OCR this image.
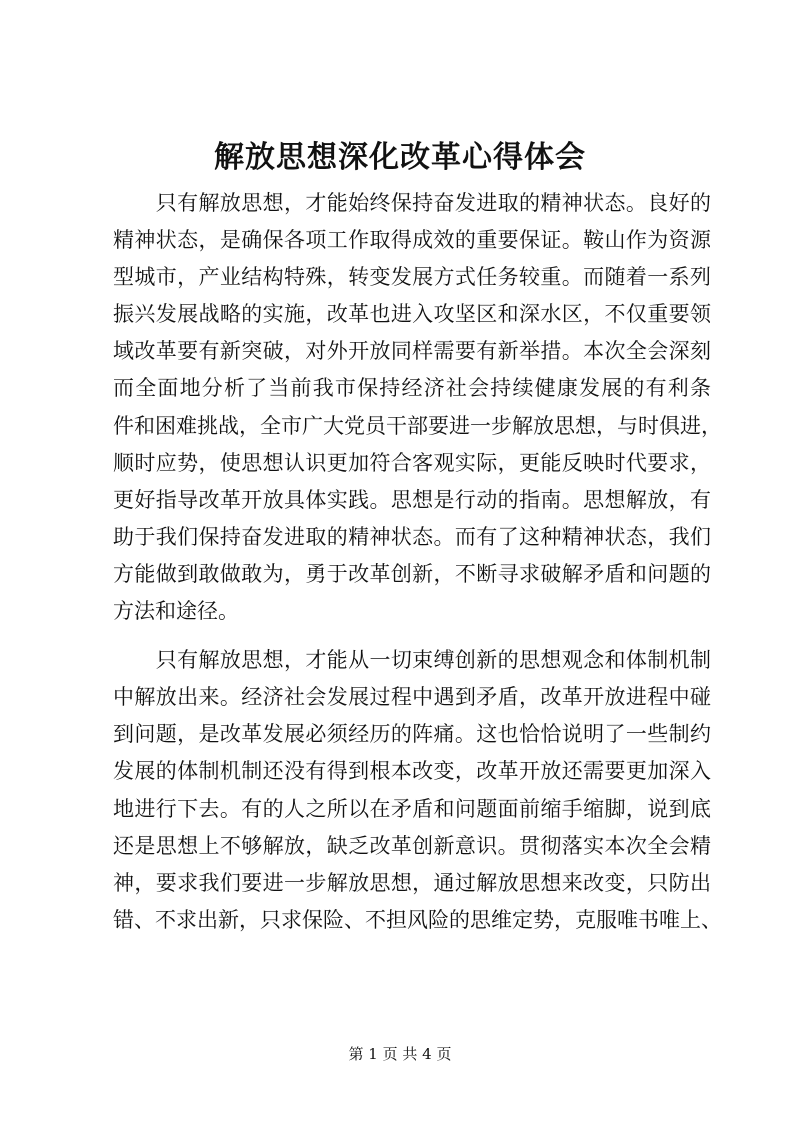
解放思想深化改革心得体会
　　只有解放思想，才能始终保持奋发进取的精神状态。良好的
精神状态，是确保各项工作取得成效的重要保证。鞍山作为资源
型城市，产业结构特殊，转变发展方式任务较重。而随着一系列
振兴发展战略的实施，改革也进入攻坚区和深水区，不仅重要领
域改革要有新突破，对外开放同样需要有新举措。本次全会深刻
而全面地分析了当前我市保持经济社会持续健康发展的有利条
件和困难挑战，全市广大党员干部要进一步解放思想，与时俱进，
顺时应势，使思想认识更加符合客观实际，更能反映时代要求，
更好指导改革开放具体实践。思想是行动的指南。思想解放，有
助于我们保持奋发进取的精神状态。而有了这种精神状态，我们
方能做到敢做敢为，勇于改革创新，不断寻求破解矛盾和问题的
方法和途径。
　　只有解放思想，才能从一切束缚创新的思想观念和体制机制
中解放出来。经济社会发展过程中遇到矛盾，改革开放进程中碰
到问题，是改革发展必须经历的阵痛。这也恰恰说明了一些制约
发展的体制机制还没有得到根本改变，改革开放还需要更加深入
地进行下去。有的人之所以在矛盾和问题面前缩手缩脚，说到底
还是思想上不够解放，缺乏改革创新意识。贯彻落实本次全会精
神，要求我们要进一步解放思想，通过解放思想来改变，只防出
错、不求出新，只求保险、不担风险的思维定势，克服唯书唯上、
第 1 页 共 4 页
